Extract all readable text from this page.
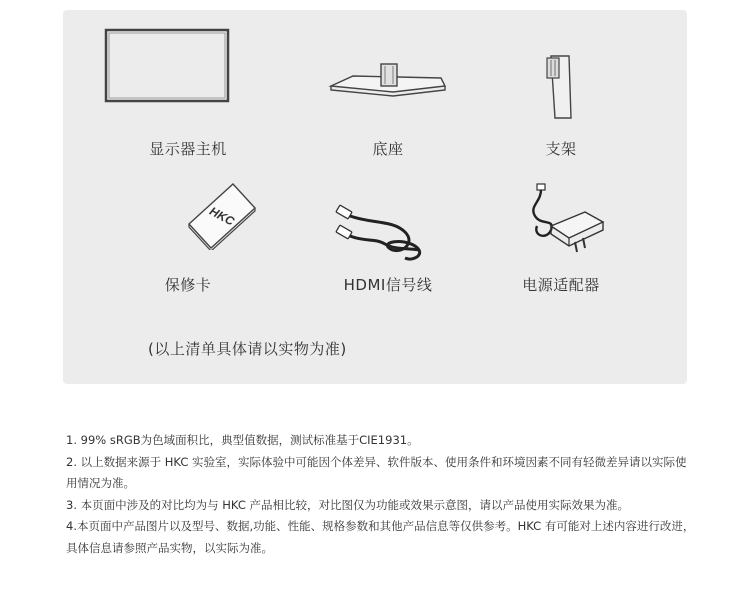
显示器主机	底座	支架
HKC
保修卡	HDMI信号线	电源适配器
(以上清单具体请以实物为准)

1. 99% sRGB为色域面积比，典型值数据，测试标准基于CIE1931。

2. 以上数据来源于 HKC 实验室，实际体验中可能因个体差异、软件版本、使用条件和环境因素不同有轻微差异请以实际使用情况为准。

3. 本页面中涉及的对比均为与 HKC 产品相比较，对比图仅为功能或效果示意图，请以产品使用实际效果为准。

4.本页面中产品图片以及型号、数据,功能、性能、规格参数和其他产品信息等仅供参考。HKC 有可能对上述内容进行改进，具体信息请参照产品实物，以实际为准。
